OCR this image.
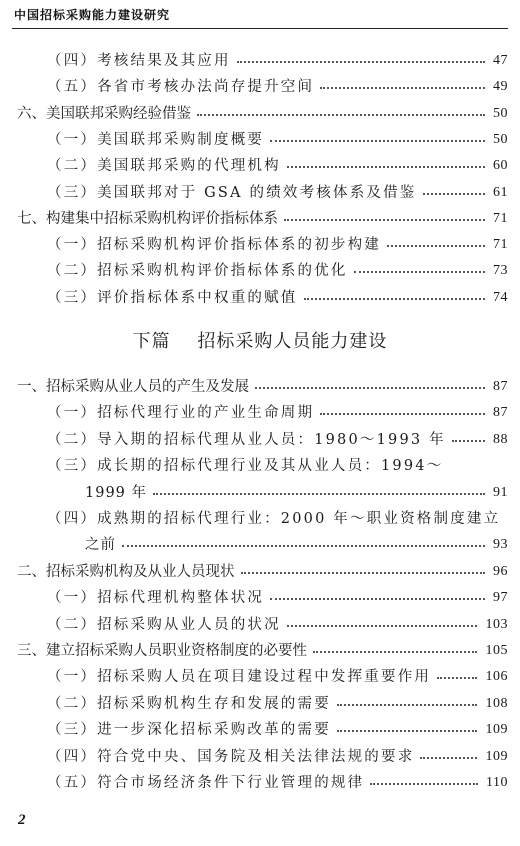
中国招标采购能力建设研究
（四）考核结果及其应用	47
（五）各省市考核办法尚存提升空间	49
六、美国联邦采购经验借鉴	50
（一）美国联邦采购制度概要	50
（二）美国联邦采购的代理机构	60
（三）美国联邦对于 GSA 的绩效考核体系及借鉴	61
七、构建集中招标采购机构评价指标体系	71
（一）招标采购机构评价指标体系的初步构建	71
（二）招标采购机构评价指标体系的优化	73
（三）评价指标体系中权重的赋值	74
下篇 招标采购人员能力建设
一、招标采购从业人员的产生及发展	87
（一）招标代理行业的产业生命周期	87
（二）导入期的招标代理从业人员：1980～1993 年	88
（三）成长期的招标代理行业及其从业人员：1994～
1999 年	91
（四）成熟期的招标代理行业：2000 年～职业资格制度建立
之前	93
二、招标采购机构及从业人员现状	96
（一）招标代理机构整体状况	97
（二）招标采购从业人员的状况	103
三、建立招标采购人员职业资格制度的必要性	105
（一）招标采购人员在项目建设过程中发挥重要作用	106
（二）招标采购机构生存和发展的需要	108
（三）进一步深化招标采购改革的需要	109
（四）符合党中央、国务院及相关法律法规的要求	109
（五）符合市场经济条件下行业管理的规律	110
2
